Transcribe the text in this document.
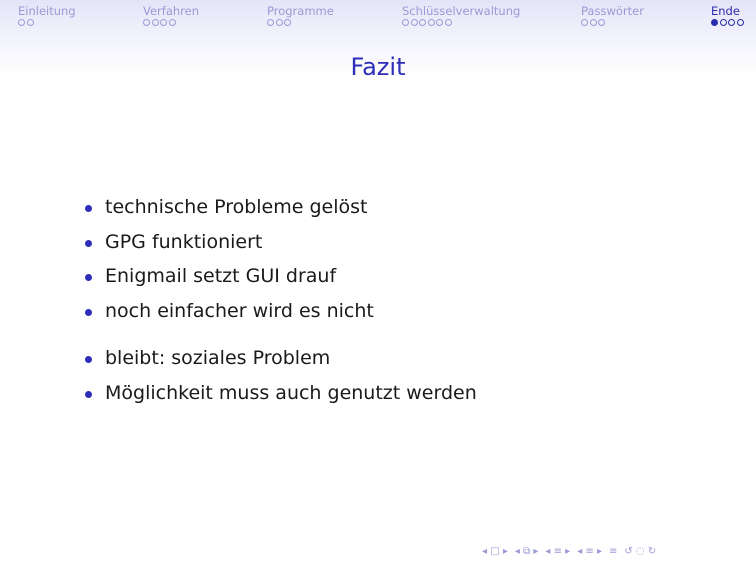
Einleitung	Verfahren	Programme	Schlüsselverwaltung	Passwörter	Ende
Fazit
technische Probleme gelöst
GPG funktioniert
Enigmail setzt GUI drauf
noch einfacher wird es nicht
bleibt: soziales Problem
Möglichkeit muss auch genutzt werden
◂ □ ▸ ◂ ⧉ ▸ ◂ ≡ ▸ ◂ ≡ ▸ ≡ ↺ ◌ ↻
